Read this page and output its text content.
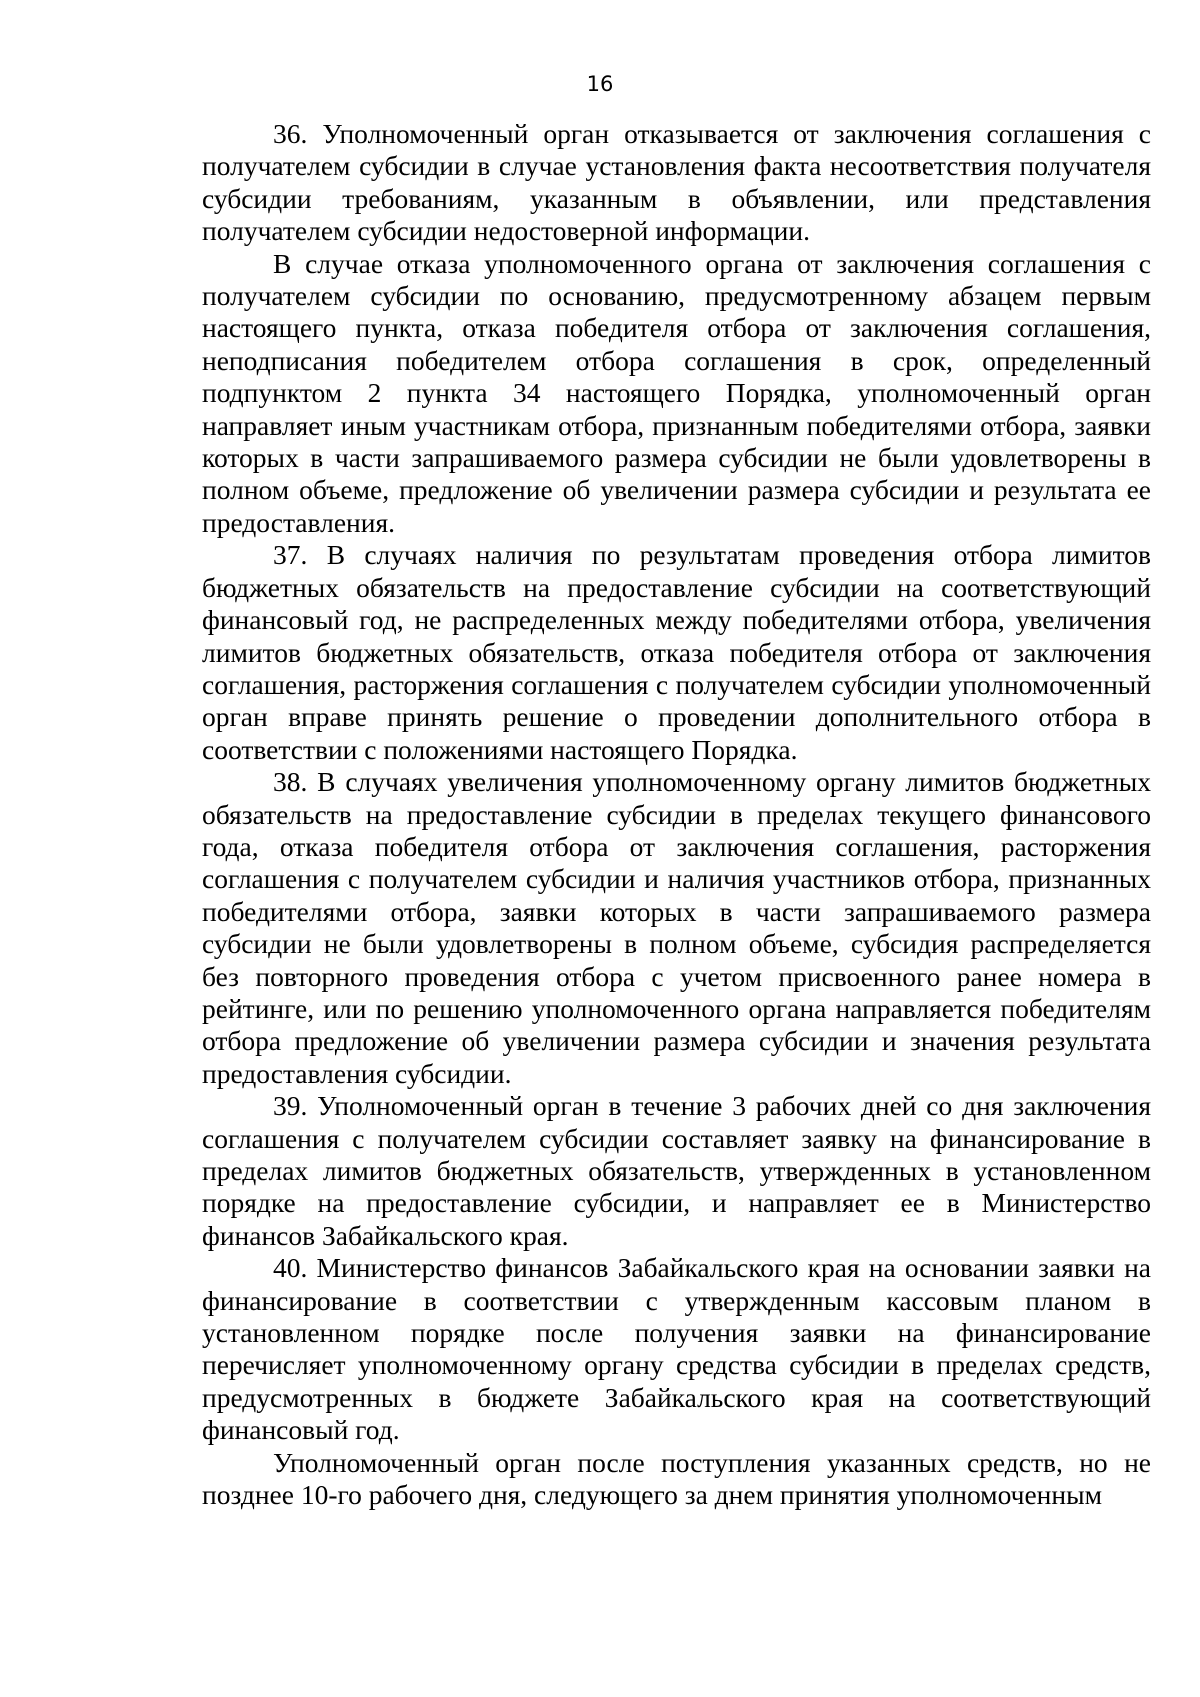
16

36. Уполномоченный орган отказывается от заключения соглашения с получателем субсидии в случае установления факта несоответствия получателя субсидии требованиям, указанным в объявлении, или представления получателем субсидии недостоверной информации.

В случае отказа уполномоченного органа от заключения соглашения с получателем субсидии по основанию, предусмотренному абзацем первым настоящего пункта, отказа победителя отбора от заключения соглашения, неподписания победителем отбора соглашения в срок, определенный подпунктом 2 пункта 34 настоящего Порядка, уполномоченный орган направляет иным участникам отбора, признанным победителями отбора, заявки которых в части запрашиваемого размера субсидии не были удовлетворены в полном объеме, предложение об увеличении размера субсидии и результата ее предоставления.

37. В случаях наличия по результатам проведения отбора лимитов бюджетных обязательств на предоставление субсидии на соответствующий финансовый год, не распределенных между победителями отбора, увеличения лимитов бюджетных обязательств, отказа победителя отбора от заключения соглашения, расторжения соглашения с получателем субсидии уполномоченный орган вправе принять решение о проведении дополнительного отбора в соответствии с положениями настоящего Порядка.

38. В случаях увеличения уполномоченному органу лимитов бюджетных обязательств на предоставление субсидии в пределах текущего финансового года, отказа победителя отбора от заключения соглашения, расторжения соглашения с получателем субсидии и наличия участников отбора, признанных победителями отбора, заявки которых в части запрашиваемого размера субсидии не были удовлетворены в полном объеме, субсидия распределяется без повторного проведения отбора с учетом присвоенного ранее номера в рейтинге, или по решению уполномоченного органа направляется победителям отбора предложение об увеличении размера субсидии и значения результата предоставления субсидии.

39. Уполномоченный орган в течение 3 рабочих дней со дня заключения соглашения с получателем субсидии составляет заявку на финансирование в пределах лимитов бюджетных обязательств, утвержденных в установленном порядке на предоставление субсидии, и направляет ее в Министерство финансов Забайкальского края.

40. Министерство финансов Забайкальского края на основании заявки на финансирование в соответствии с утвержденным кассовым планом в установленном порядке после получения заявки на финансирование перечисляет уполномоченному органу средства субсидии в пределах средств, предусмотренных в бюджете Забайкальского края на соответствующий финансовый год.

Уполномоченный орган после поступления указанных средств, но не позднее 10-го рабочего дня, следующего за днем принятия уполномоченным
